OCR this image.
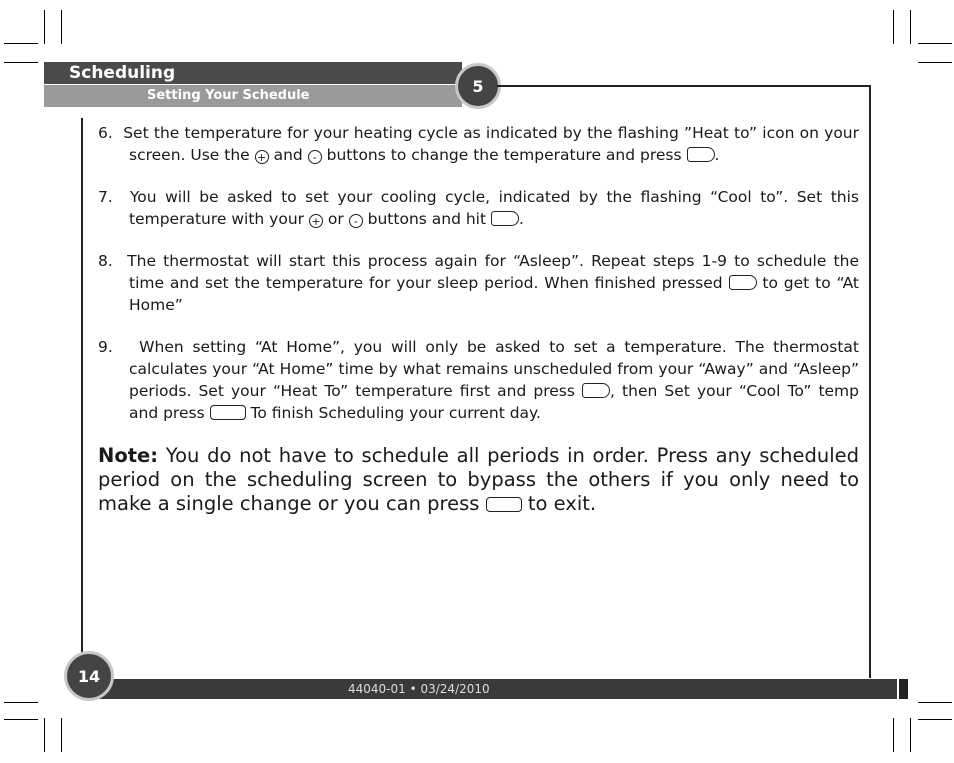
Scheduling
Setting Your Schedule	5

6. Set the temperature for your heating cycle as indicated by the flashing ”Heat to” icon on your screen. Use the + and - buttons to change the temperature and press .

7. You will be asked to set your cooling cycle, indicated by the flashing “Cool to”. Set this temperature with your + or - buttons and hit .

8. The thermostat will start this process again for “Asleep”. Repeat steps 1-9 to schedule the time and set the temperature for your sleep period. When finished pressed	to get to “At Home”

9. When setting “At Home”, you will only be asked to set a temperature. The thermostat calculates your “At Home” time by what remains unscheduled from your “Away” and “Asleep” periods. Set your “Heat To” temperature first and press , then Set your “Cool To” temp and press	To finish Scheduling your current day.

Note: You do not have to schedule all periods in order. Press any scheduled period on the scheduling screen to bypass the others if you only need to make a single change or you can press to exit.

44040-01 • 03/24/2010
14
